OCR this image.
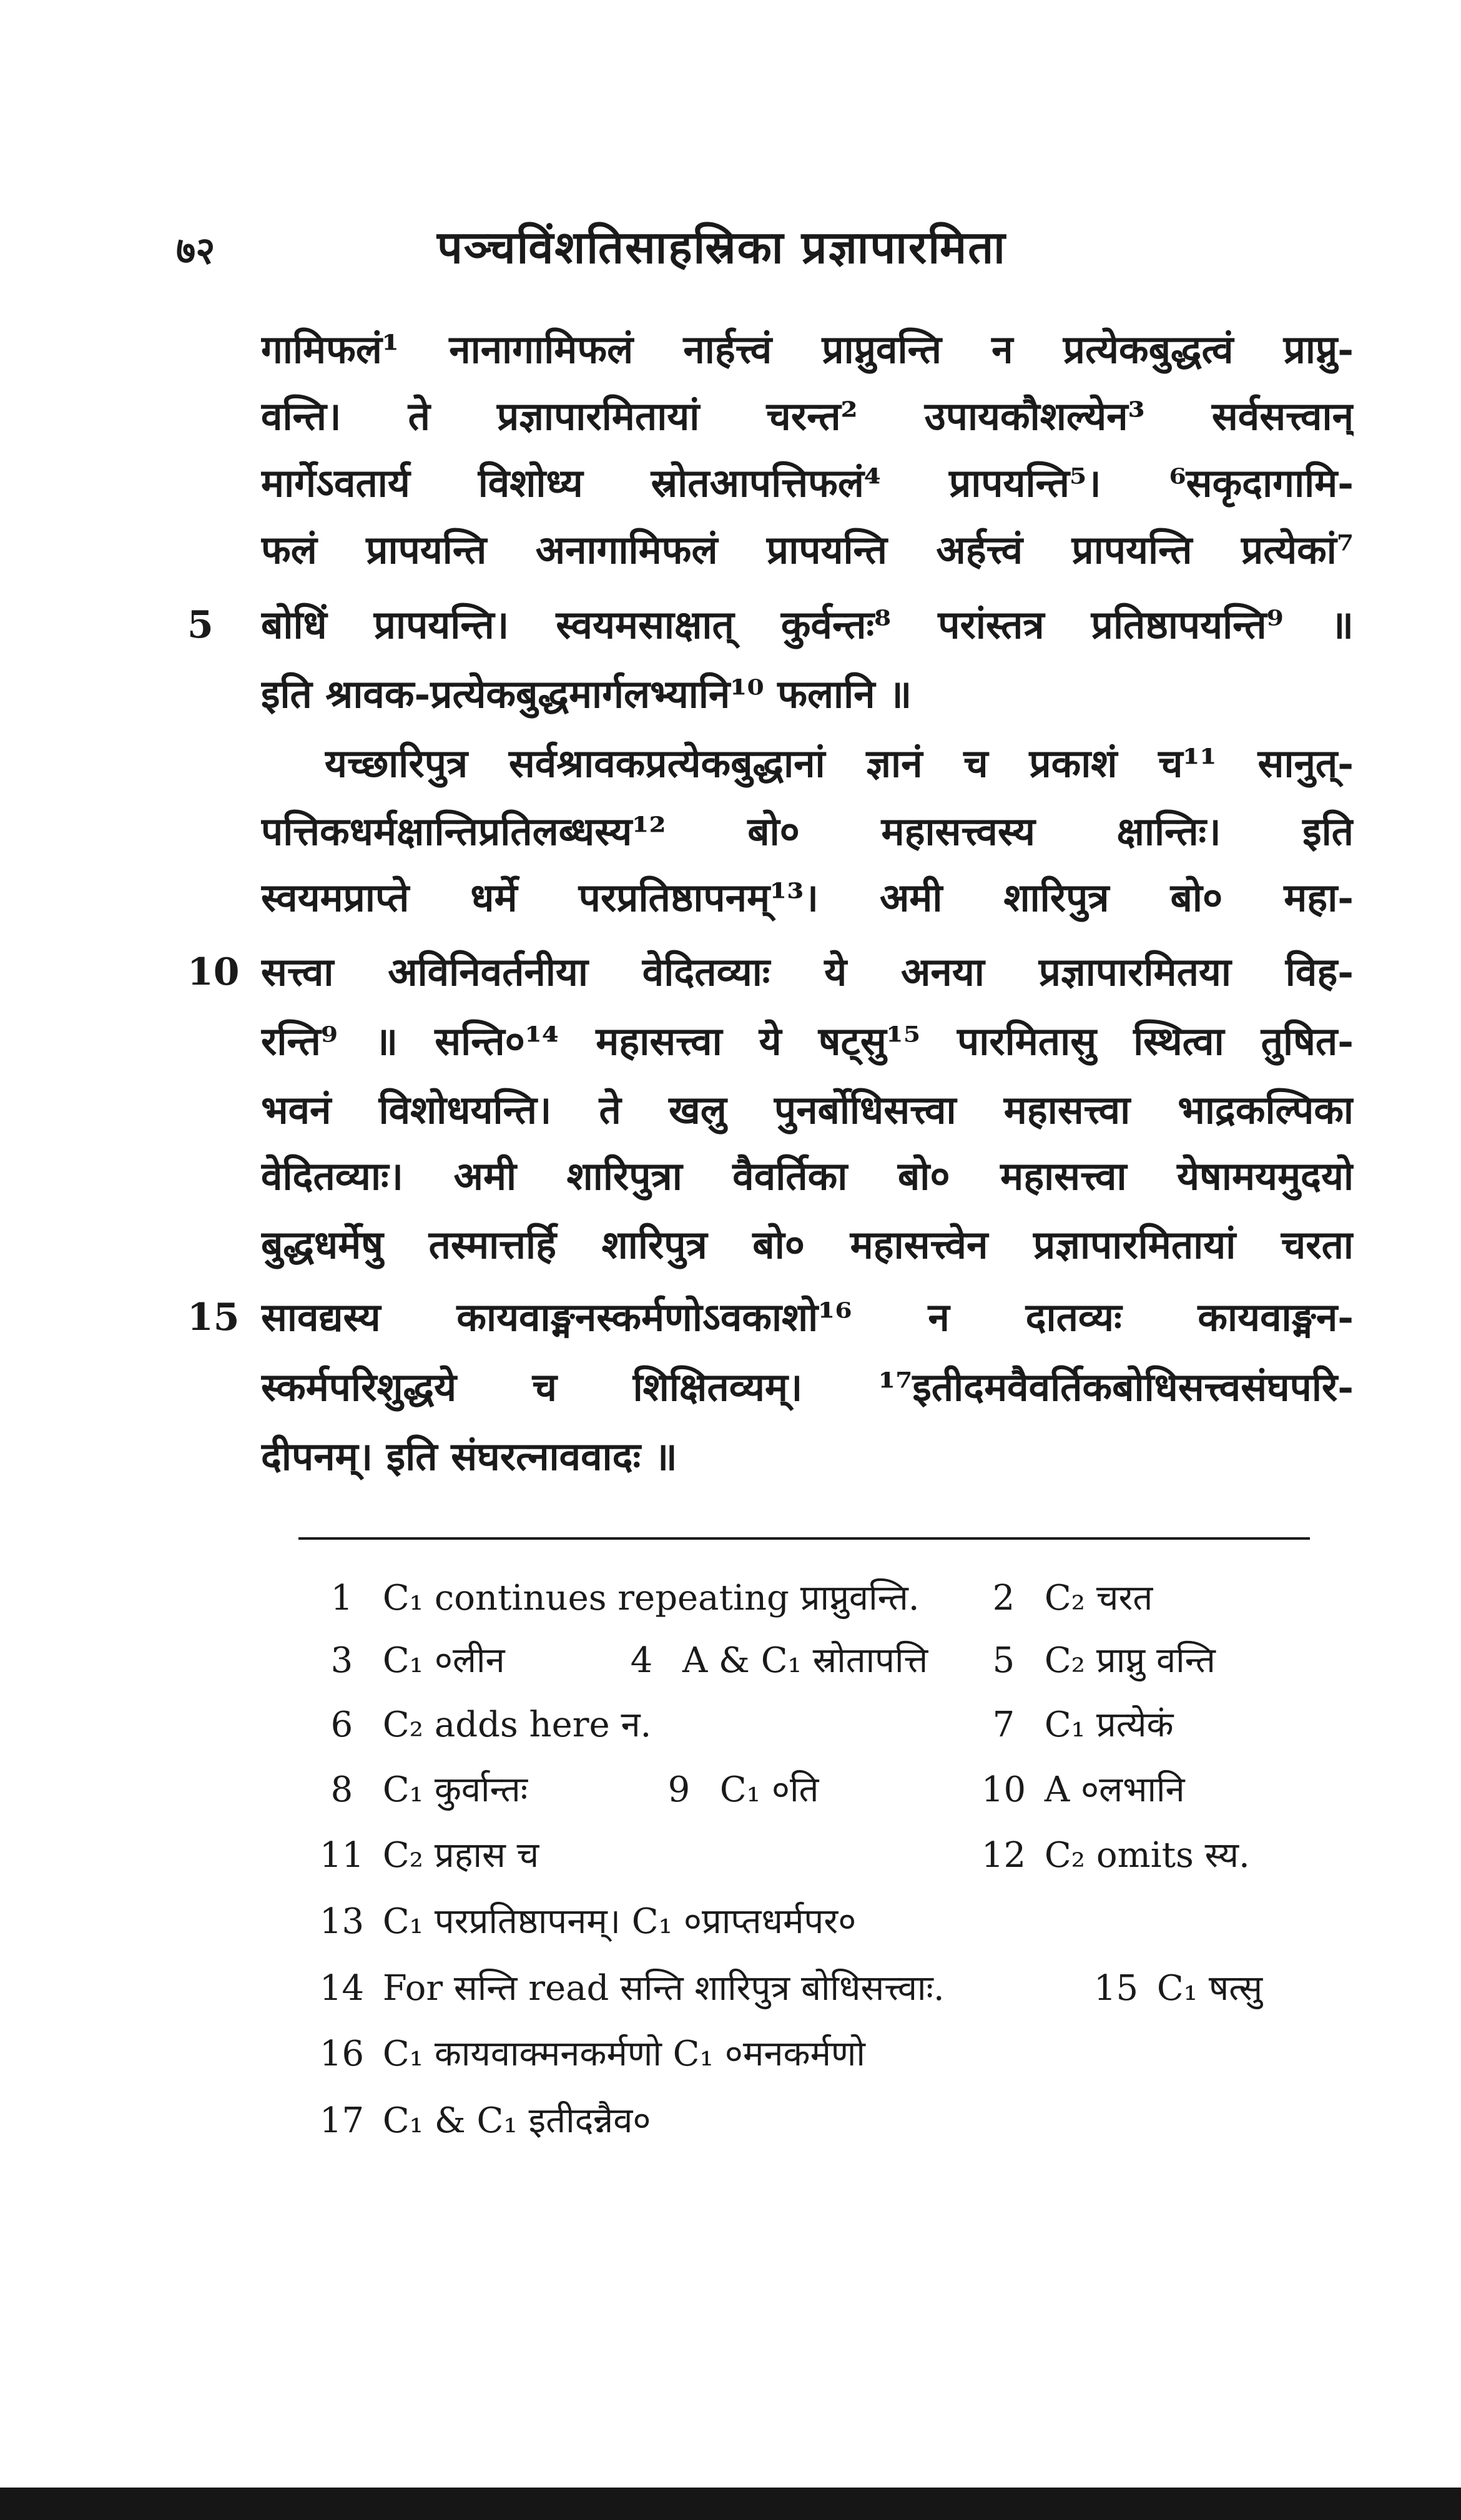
७२	पञ्चविंशतिसाहस्रिका प्रज्ञापारमिता
गामिफलं¹ नानागामिफलं नार्हत्त्वं प्राप्नुवन्ति न प्रत्येकबुद्धत्वं प्राप्नु-
वन्ति। ते प्रज्ञापारमितायां चरन्त² उपायकौशल्येन³ सर्वसत्त्वान्
मार्गेऽवतार्य विशोध्य स्रोतआपत्तिफलं⁴ प्रापयन्ति⁵। ⁶सकृदागामि-
फलं प्रापयन्ति अनागामिफलं प्रापयन्ति अर्हत्त्वं प्रापयन्ति प्रत्येकां⁷
बोधिं प्रापयन्ति। स्वयमसाक्षात् कुर्वन्तः⁸ परांस्तत्र प्रतिष्ठापयन्ति⁹ ॥
इति श्रावक-प्रत्येकबुद्धमार्गलभ्यानि¹⁰ फलानि ॥
यच्छारिपुत्र सर्वश्रावकप्रत्येकबुद्धानां ज्ञानं च प्रकाशं च¹¹ सानुत्-
पत्तिकधर्मक्षान्तिप्रतिलब्धस्य¹² बो० महासत्त्वस्य क्षान्तिः। इति
स्वयमप्राप्ते धर्मे परप्रतिष्ठापनम्¹³। अमी शारिपुत्र बो० महा-
सत्त्वा अविनिवर्तनीया वेदितव्याः ये अनया प्रज्ञापारमितया विह-
रन्ति⁹ ॥ सन्ति०¹⁴ महासत्त्वा ये षट्सु¹⁵ पारमितासु स्थित्वा तुषित-
भवनं विशोधयन्ति। ते खलु पुनर्बोधिसत्त्वा महासत्त्वा भाद्रकल्पिका
वेदितव्याः। अमी शारिपुत्रा वैवर्तिका बो० महासत्त्वा येषामयमुदयो
बुद्धधर्मेषु तस्मात्तर्हि शारिपुत्र बो० महासत्त्वेन प्रज्ञापारमितायां चरता
सावद्यस्य कायवाङ्मनस्कर्मणोऽवकाशो¹⁶ न दातव्यः कायवाङ्मन-
स्कर्मपरिशुद्धये च शिक्षितव्यम्। ¹⁷इतीदमवैवर्तिकबोधिसत्त्वसंघपरि-
दीपनम्। इति संघरत्नाववादः ॥
5
10
15
1 C₁ continues repeating प्राप्नुवन्ति.	2 C₂ चरत
3 C₁ ०लीन	4 A & C₁ स्रोतापत्ति	5 C₂ प्राप्नु वन्ति
6 C₂ adds here न.	7 C₁ प्रत्येकं
8 C₁ कुर्वान्तः	9 C₁ ०ति	10 A ०लभानि
11 C₂ प्रहास च	12 C₂ omits स्य.
13 C₁ परप्रतिष्ठापनम्। C₁ ०प्राप्तधर्मपर०
14 For सन्ति read सन्ति शारिपुत्र बोधिसत्त्वाः.	15 C₁ षत्सु
16 C₁ कायवाक्मनकर्मणो C₁ ०मनकर्मणो
17 C₁ & C₁ इतीदन्नैव०
